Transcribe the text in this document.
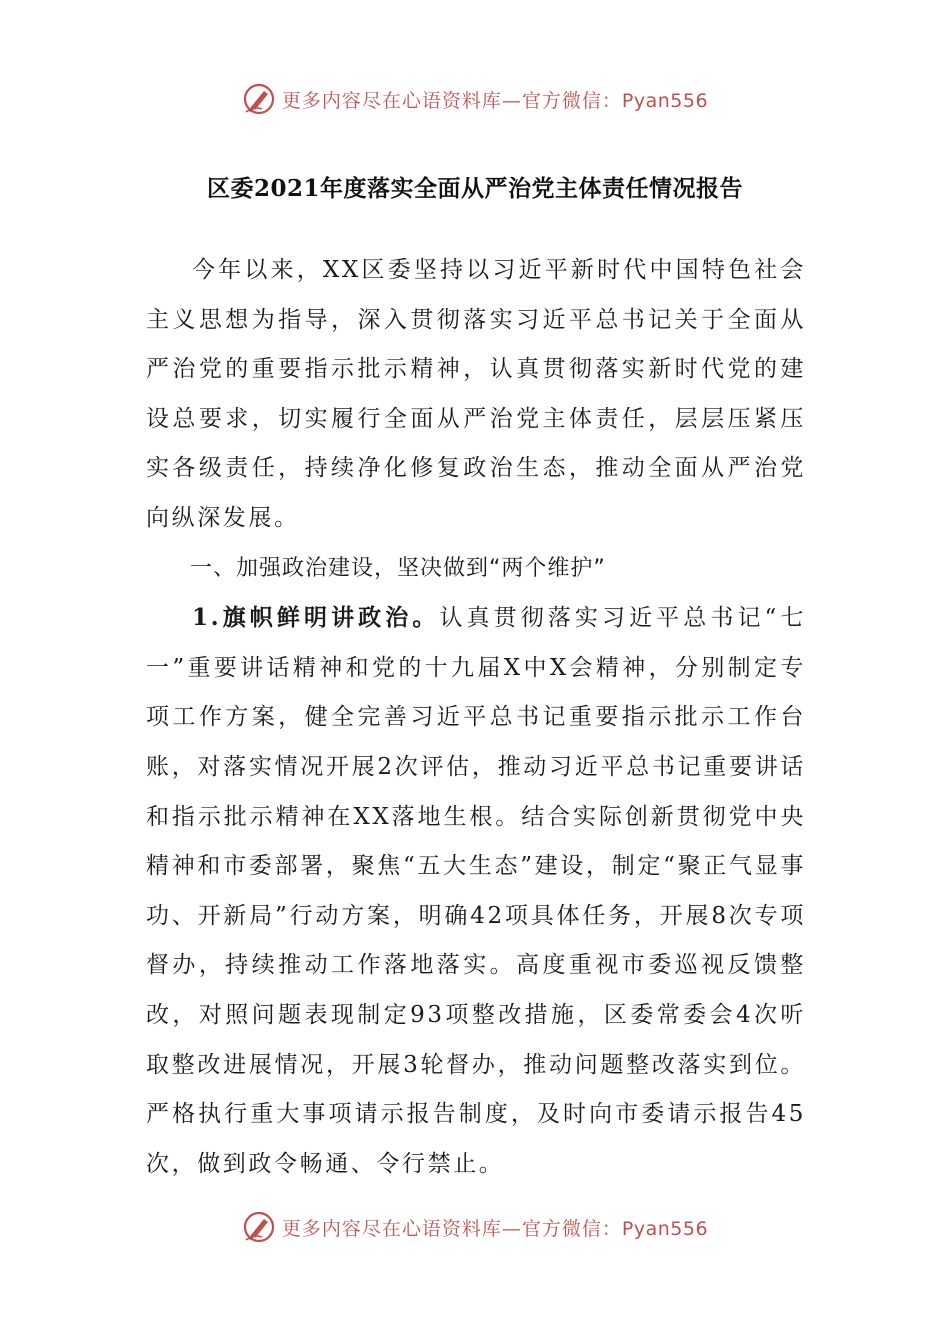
更多内容尽在心语资料库—官方微信：Pyan556
区委2021年度落实全面从严治党主体责任情况报告

今年以来，XX区委坚持以习近平新时代中国特色社会主义思想为指导，深入贯彻落实习近平总书记关于全面从严治党的重要指示批示精神，认真贯彻落实新时代党的建设总要求，切实履行全面从严治党主体责任，层层压紧压实各级责任，持续净化修复政治生态，推动全面从严治党向纵深发展。

一、加强政治建设，坚决做到“两个维护”

1.旗帜鲜明讲政治。认真贯彻落实习近平总书记“七一”重要讲话精神和党的十九届X中X会精神，分别制定专项工作方案，健全完善习近平总书记重要指示批示工作台账，对落实情况开展2次评估，推动习近平总书记重要讲话和指示批示精神在XX落地生根。结合实际创新贯彻党中央精神和市委部署，聚焦“五大生态”建设，制定“聚正气显事功、开新局”行动方案，明确42项具体任务，开展8次专项督办，持续推动工作落地落实。高度重视市委巡视反馈整改，对照问题表现制定93项整改措施，区委常委会4次听取整改进展情况，开展3轮督办，推动问题整改落实到位。严格执行重大事项请示报告制度，及时向市委请示报告45次，做到政令畅通、令行禁止。

更多内容尽在心语资料库—官方微信：Pyan556
